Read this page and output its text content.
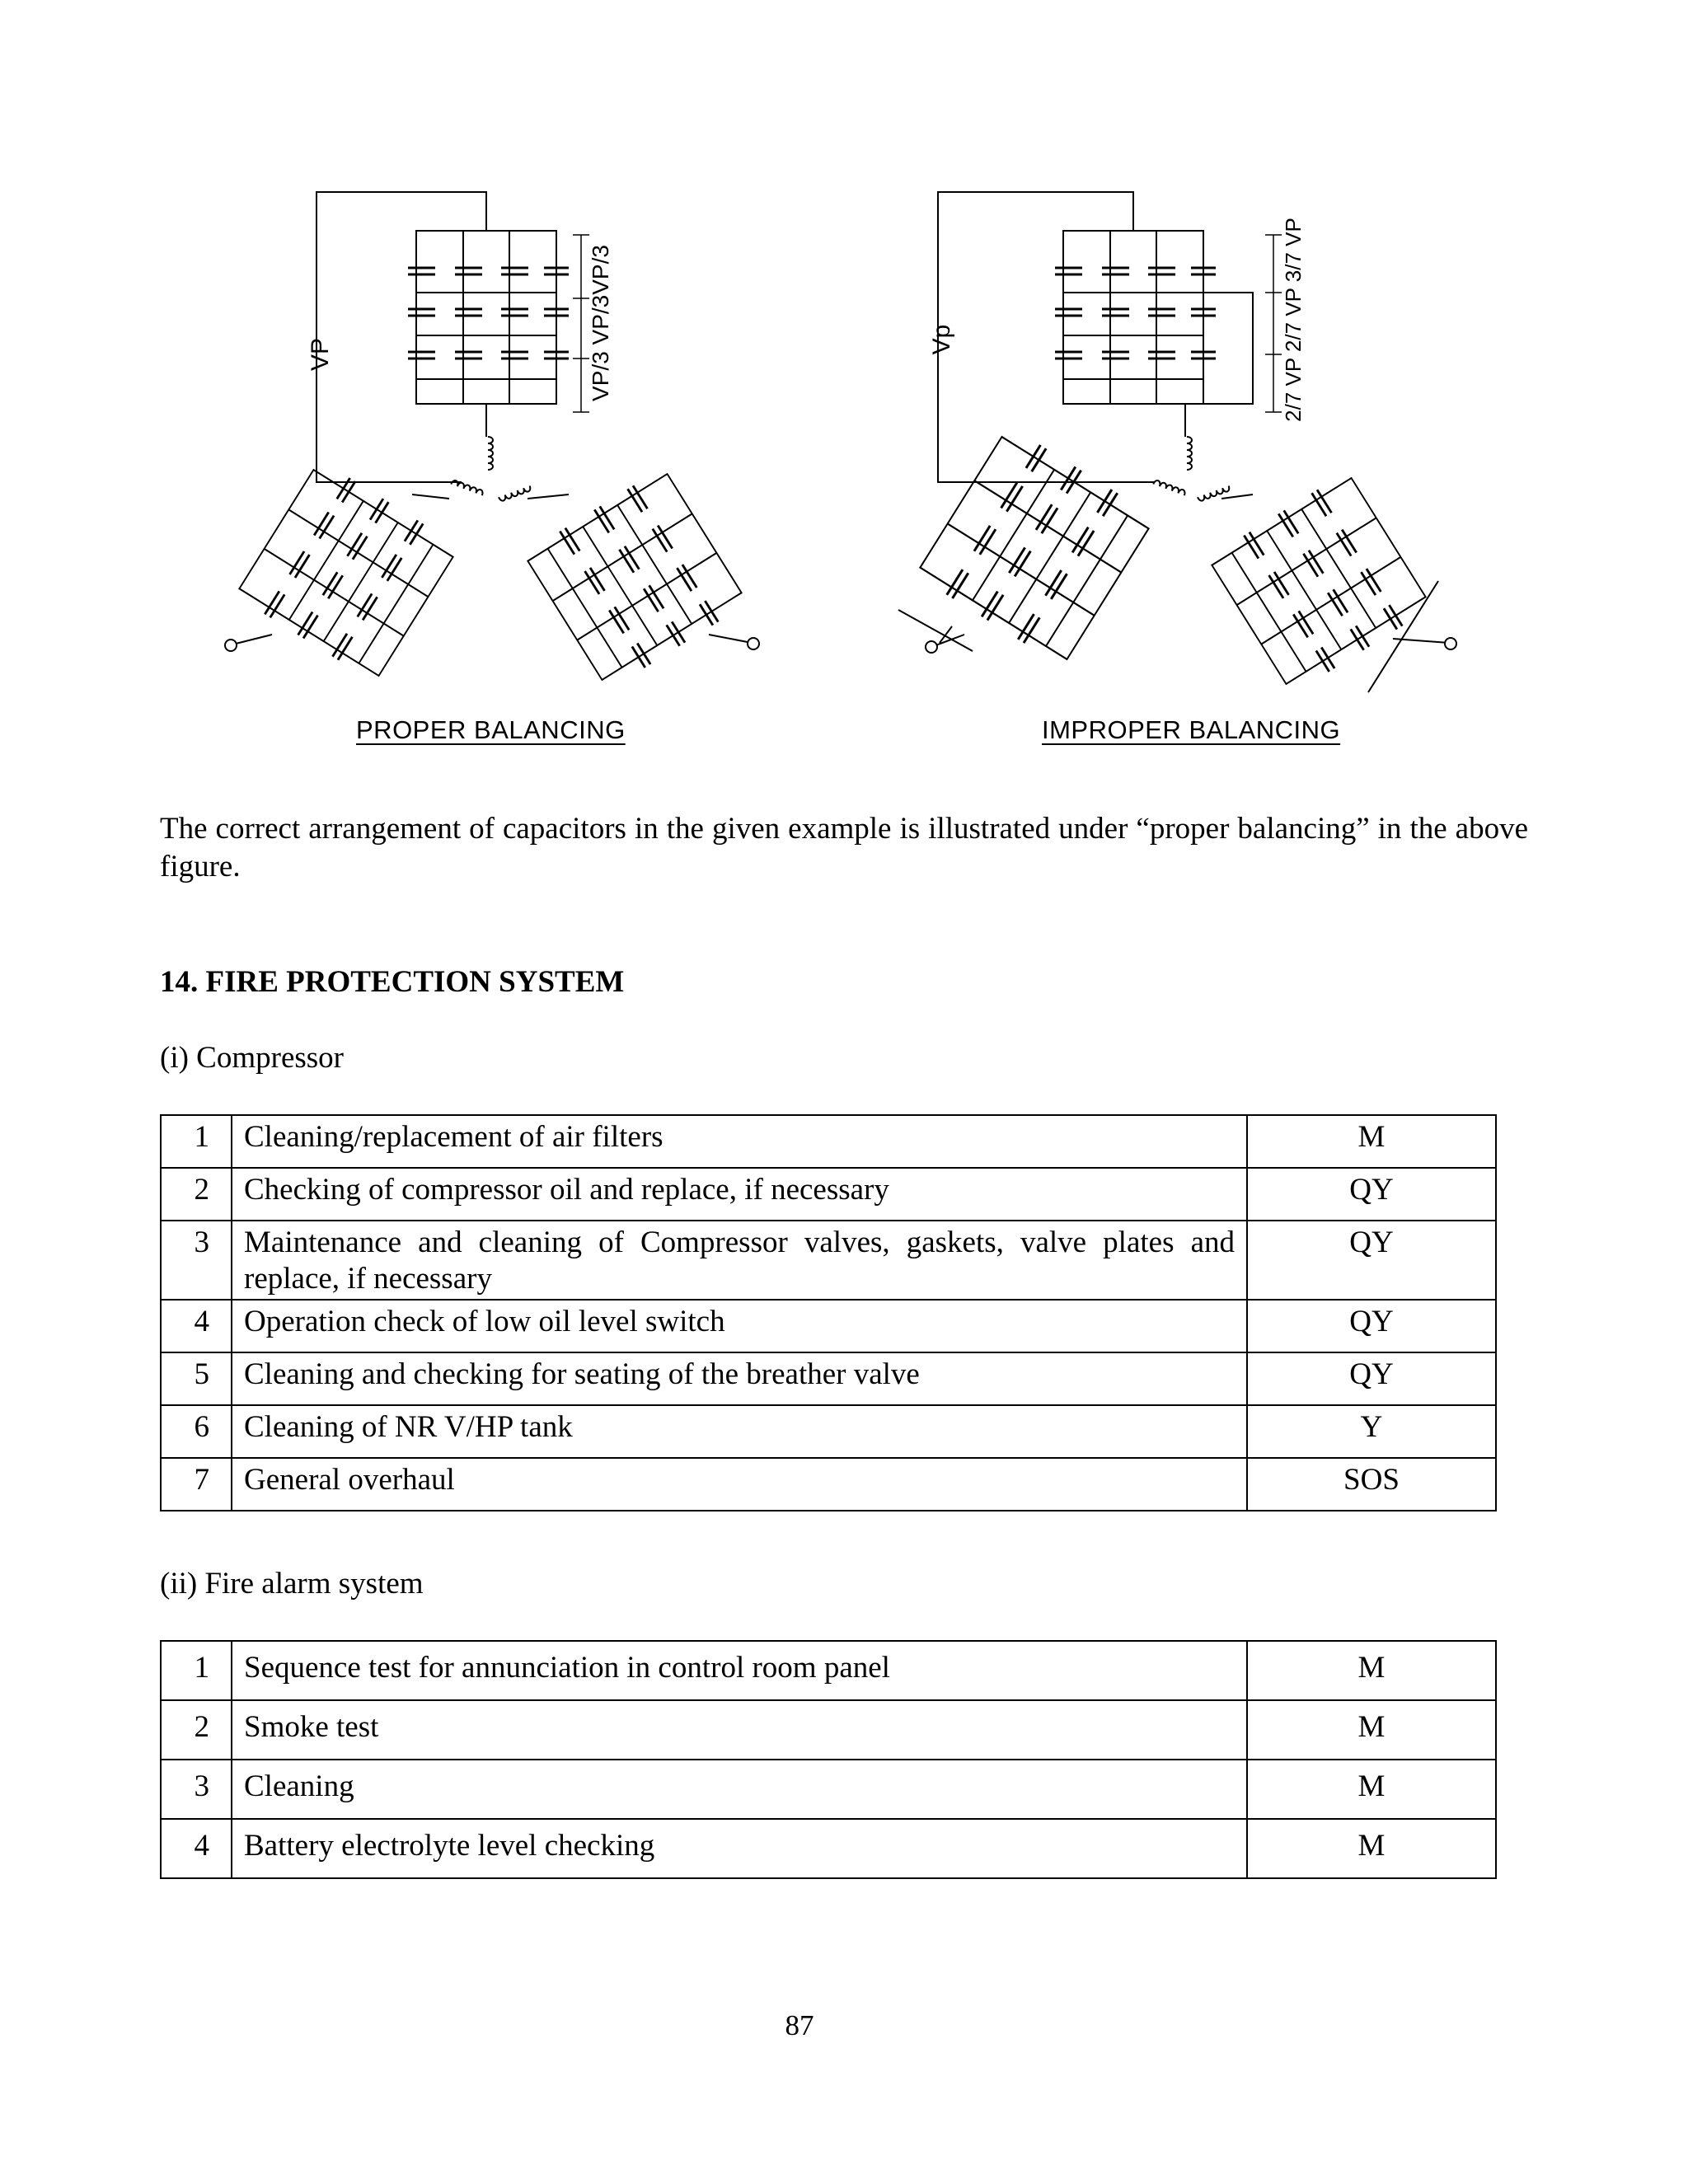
VP	VP/3 VP/3VP/3	Vp	2/7 VP 2/7 VP 3/7 VP
PROPER BALANCING	IMPROPER BALANCING

The correct arrangement of capacitors in the given example is illustrated under “proper balancing” in the above figure.

14. FIRE PROTECTION SYSTEM
(i) Compressor
1	Cleaning/replacement of air filters	M
2	Checking of compressor oil and replace, if necessary	QY
3	Maintenance and cleaning of Compressor valves, gaskets, valve plates and replace, if necessary	QY
4	Operation check of low oil level switch	QY
5	Cleaning and checking for seating of the breather valve	QY
6	Cleaning of NR V/HP tank	Y
7	General overhaul	SOS
(ii) Fire alarm system
1	Sequence test for annunciation in control room panel	M
2	Smoke test	M
3	Cleaning	M
4	Battery electrolyte level checking	M
87
